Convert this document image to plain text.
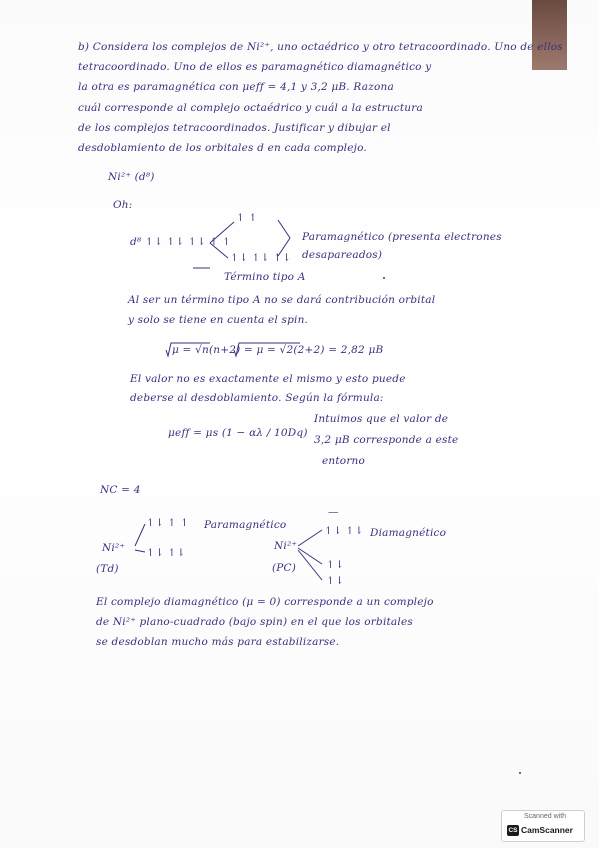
b) Considera los complejos de Ni²⁺, uno octaédrico y otro tetracoordinado. Uno de ellos
tetracoordinado. Uno de ellos es paramagnético diamagnético y
la otra es paramagnética con μeff = 4,1 y 3,2 μB. Razona
cuál corresponde al complejo octaédrico y cuál a la estructura
de los complejos tetracoordinados. Justificar y dibujar el
desdoblamiento de los orbitales d en cada complejo.
Ni²⁺ (d⁸)
Oh:
d⁸ ↿⇂ ↿⇂ ↿⇂ ↿ ↿
↿ ↿
↿⇂ ↿⇂ ↿⇂
Paramagnético (presenta electrones
desapareados)
Término tipo A
Al ser un término tipo A no se dará contribución orbital
y solo se tiene en cuenta el spin.
μ = √n(n+2) = μ = √2(2+2) = 2,82 μB
El valor no es exactamente el mismo y esto puede
deberse al desdoblamiento. Según la fórmula:
μeff = μs (1 − αλ / 10Dq)
Intuimos que el valor de
3,2 μB corresponde a este
entorno
NC = 4
↿⇂ ↿ ↿ Paramagnético
Ni²⁺ ↿⇂ ↿⇂
(Td)
—
↿⇂ ↿⇂ Diamagnético
Ni²⁺
(PC)	↿⇂
↿⇂
El complejo diamagnético (μ = 0) corresponde a un complejo
de Ni²⁺ plano-cuadrado (bajo spin) en el que los orbitales
se desdoblan mucho más para estabilizarse.
Scanned with
CS CamScanner
